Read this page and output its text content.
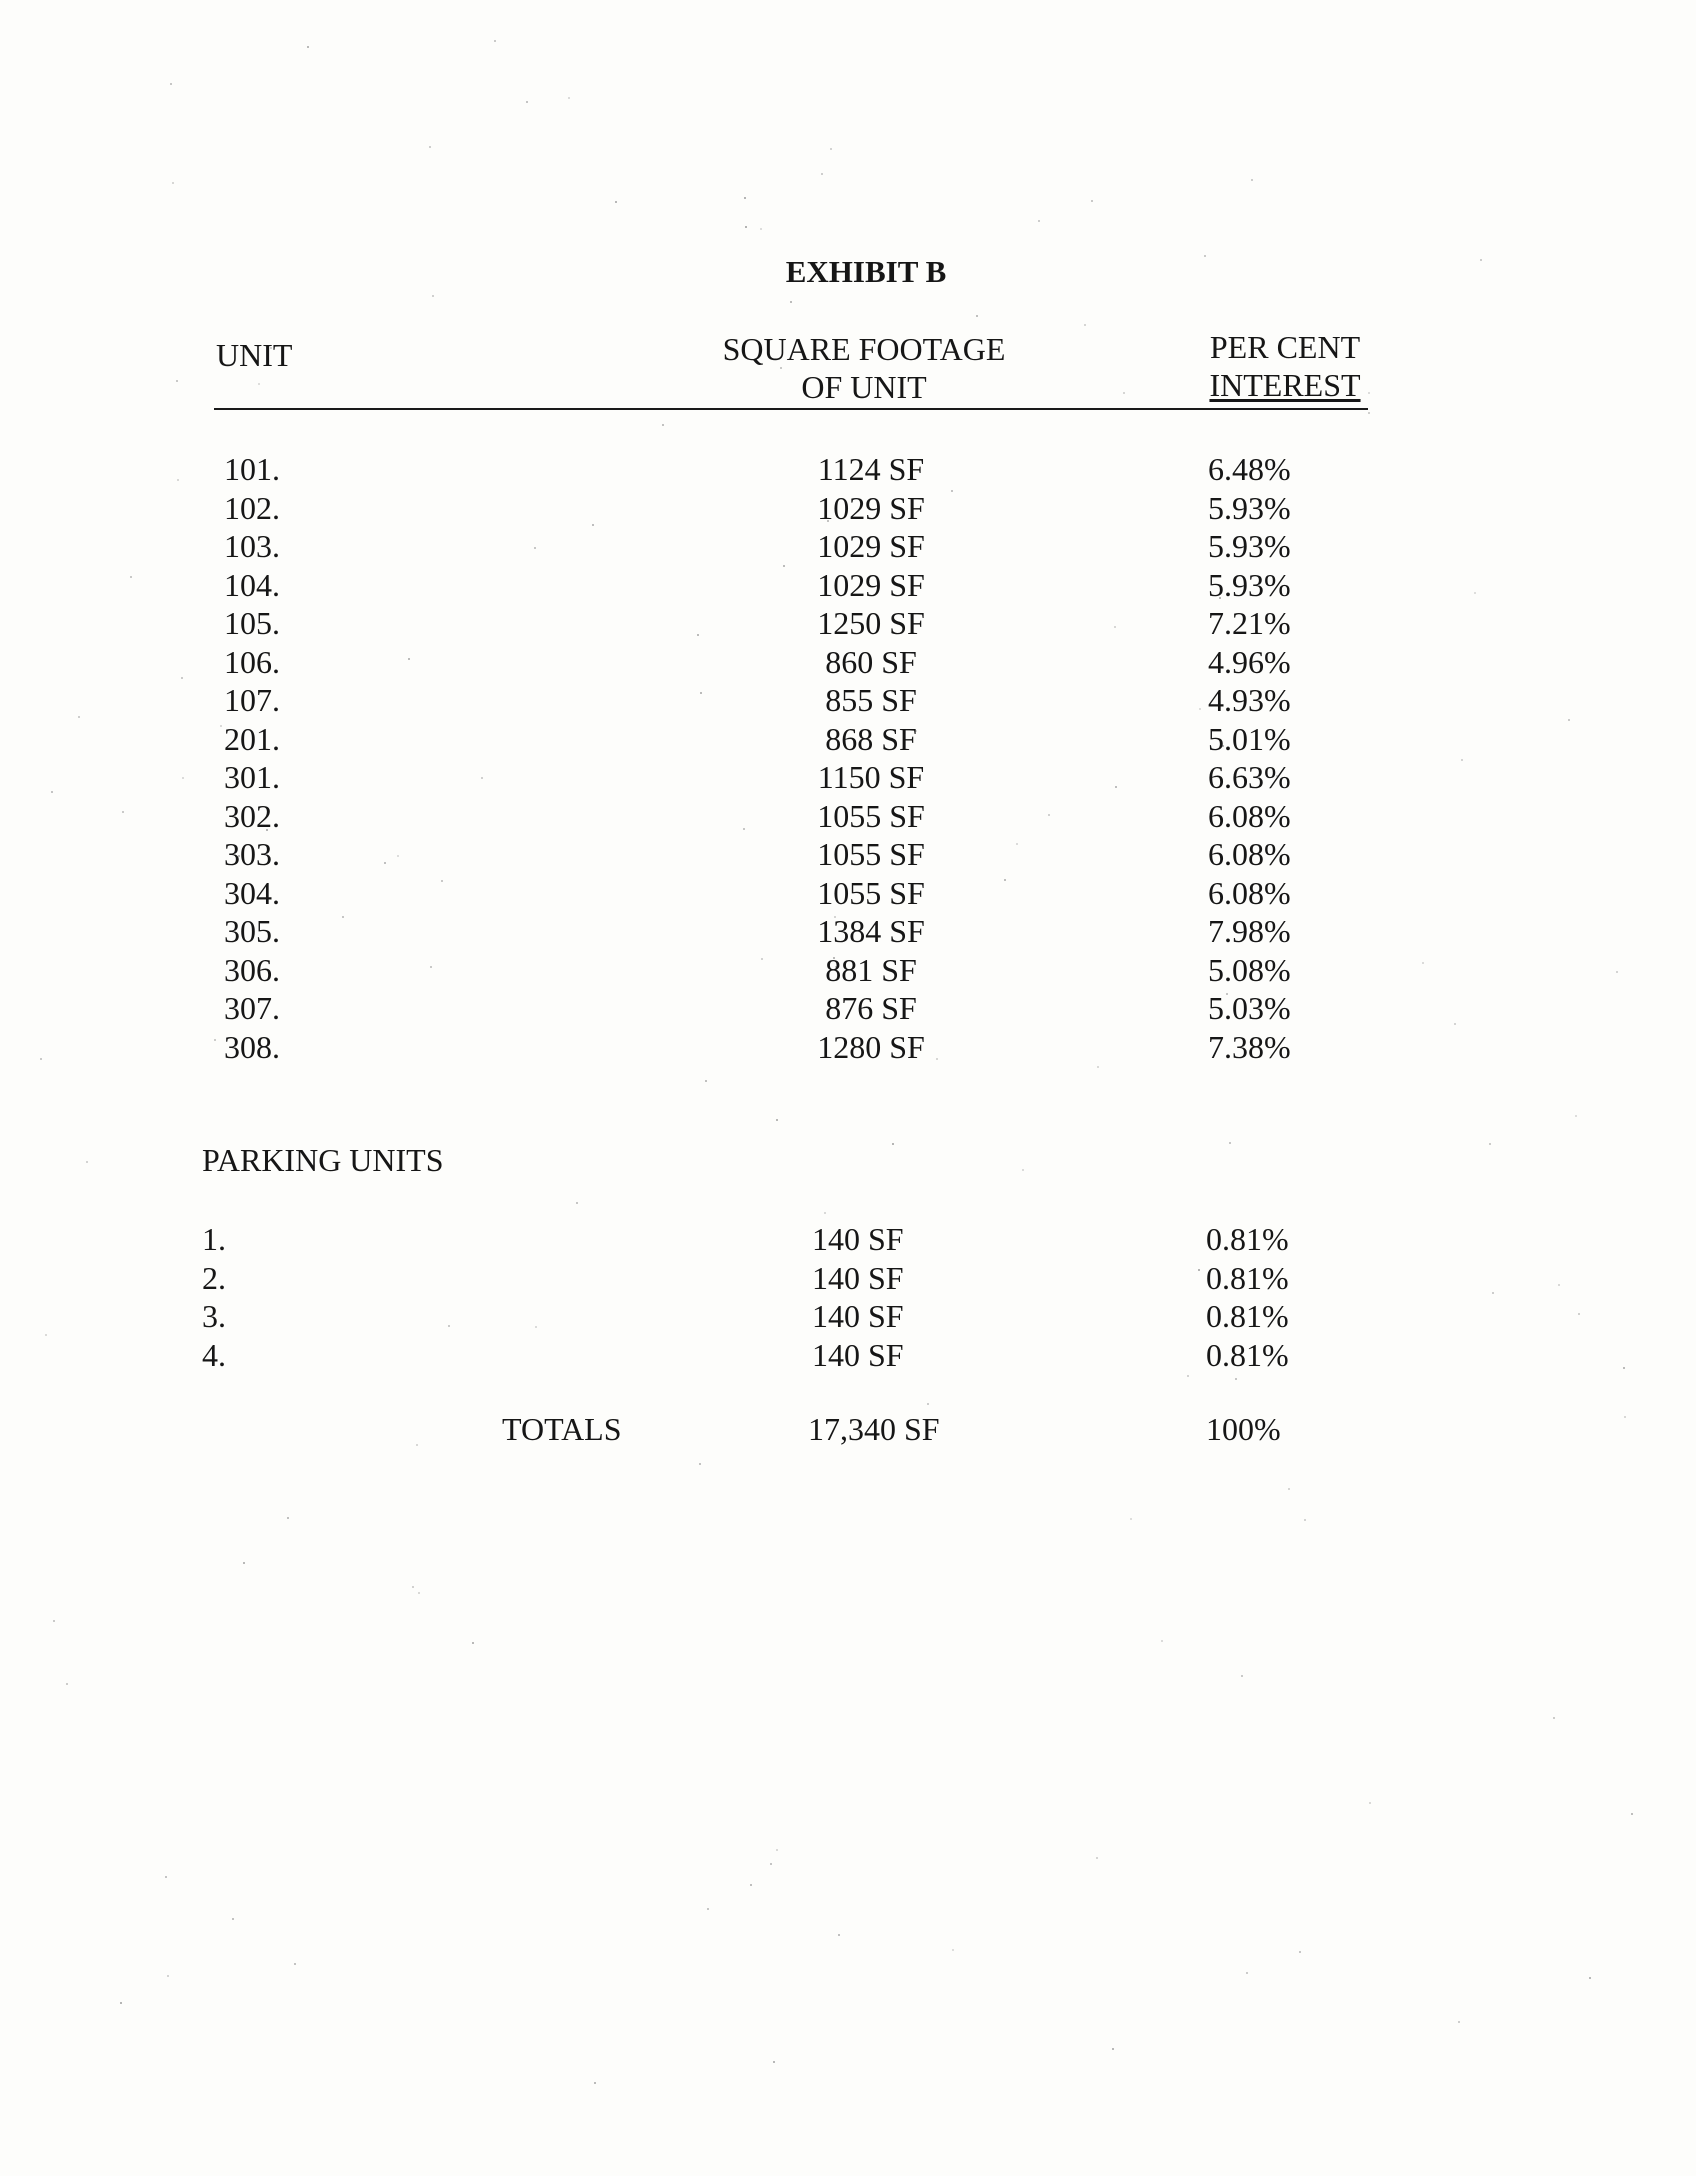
EXHIBIT B
UNIT	SQUARE FOOTAGE
OF UNIT
PER CENT
INTEREST
101.	1124 SF	6.48%
102.	1029 SF	5.93%
103.	1029 SF	5.93%
104.	1029 SF	5.93%
105.	1250 SF	7.21%
106.	860 SF	4.96%
107.	855 SF	4.93%
201.	868 SF	5.01%
301.	1150 SF	6.63%
302.	1055 SF	6.08%
303.	1055 SF	6.08%
304.	1055 SF	6.08%
305.	1384 SF	7.98%
306.	881 SF	5.08%
307.	876 SF	5.03%
308.	1280 SF	7.38%
PARKING UNITS
1.	140 SF	0.81%
2.	140 SF	0.81%
3.	140 SF	0.81%
4.	140 SF	0.81%
TOTALS	17,340 SF	100%
